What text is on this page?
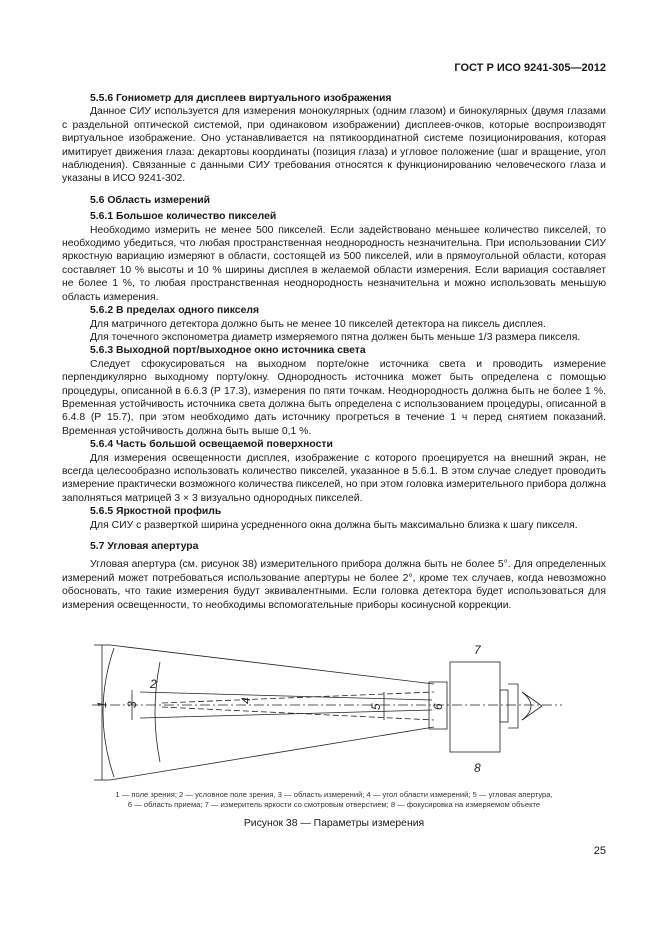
ГОСТ Р ИСО 9241-305—2012

5.5.6 Гониометр для дисплеев виртуального изображения

Данное СИУ используется для измерения монокулярных (одним глазом) и бинокулярных (двумя глазами с раздельной оптической системой, при одинаковом изображении) дисплеев-очков, которые воспроизводят виртуальное изображение. Оно устанавливается на пятикоординатной системе позиционирования, которая имитирует движения глаза: декартовы координаты (позиция глаза) и угловое положение (шаг и вращение, угол наблюдения). Связанные с данными СИУ требования относятся к функционированию человеческого глаза и указаны в ИСО 9241-302.

5.6 Область измерений

5.6.1 Большое количество пикселей

Необходимо измерить не менее 500 пикселей. Если задействовано меньшее количество пикселей, то необходимо убедиться, что любая пространственная неоднородность незначительна. При использовании СИУ яркостную вариацию измеряют в области, состоящей из 500 пикселей, или в прямоугольной области, которая составляет 10 % высоты и 10 % ширины дисплея в желаемой области измерения. Если вариация составляет не более 1 %, то любая пространственная неоднородность незначительна и можно использовать меньшую область измерения.

5.6.2 В пределах одного пикселя

Для матричного детектора должно быть не менее 10 пикселей детектора на пиксель дисплея.

Для точечного экспонометра диаметр измеряемого пятна должен быть меньше 1/3 размера пикселя.

5.6.3 Выходной порт/выходное окно источника света

Следует сфокусироваться на выходном порте/окне источника света и проводить измерение перпендикулярно выходному порту/окну. Однородность источника может быть определена с помощью процедуры, описанной в 6.6.3 (Р 17.3), измерения по пяти точкам. Неоднородность должна быть не более 1 %. Временная устойчивость источника света должна быть определена с использованием процедуры, описанной в 6.4.8 (Р 15.7), при этом необходимо дать источнику прогреться в течение 1 ч перед снятием показаний. Временная устойчивость должна быть выше 0,1 %.

5.6.4 Часть большой освещаемой поверхности

Для измерения освещенности дисплея, изображение с которого проецируется на внешний экран, не всегда целесообразно использовать количество пикселей, указанное в 5.6.1. В этом случае следует проводить измерение практически возможного количества пикселей, но при этом головка измерительного прибора должна заполняться матрицей 3 × 3 визуально однородных пикселей.

5.6.5 Яркостной профиль

Для СИУ с разверткой ширина усредненного окна должна быть максимально близка к шагу пикселя.

5.7 Угловая апертура

Угловая апертура (см. рисунок 38) измерительного прибора должна быть не более 5°. Для определенных измерений может потребоваться использование апертуры не более 2°, кроме тех случаев, когда невозможно обосновать, что такие измерения будут эквивалентными. Если головка детектора будет использоваться для измерения освещенности, то необходимы вспомогательные приборы косинусной коррекции.

1
2
3
4
5	6
7
8
1 — поле зрения; 2 — условное поле зрения, 3 — область измерений; 4 — угол области измерений; 5 — угловая апертура,
6 — область приема; 7 — измеритель яркости со смотровым отверстием; 8 — фокусировка на измеряемом объекте
Рисунок 38 — Параметры измерения
25
